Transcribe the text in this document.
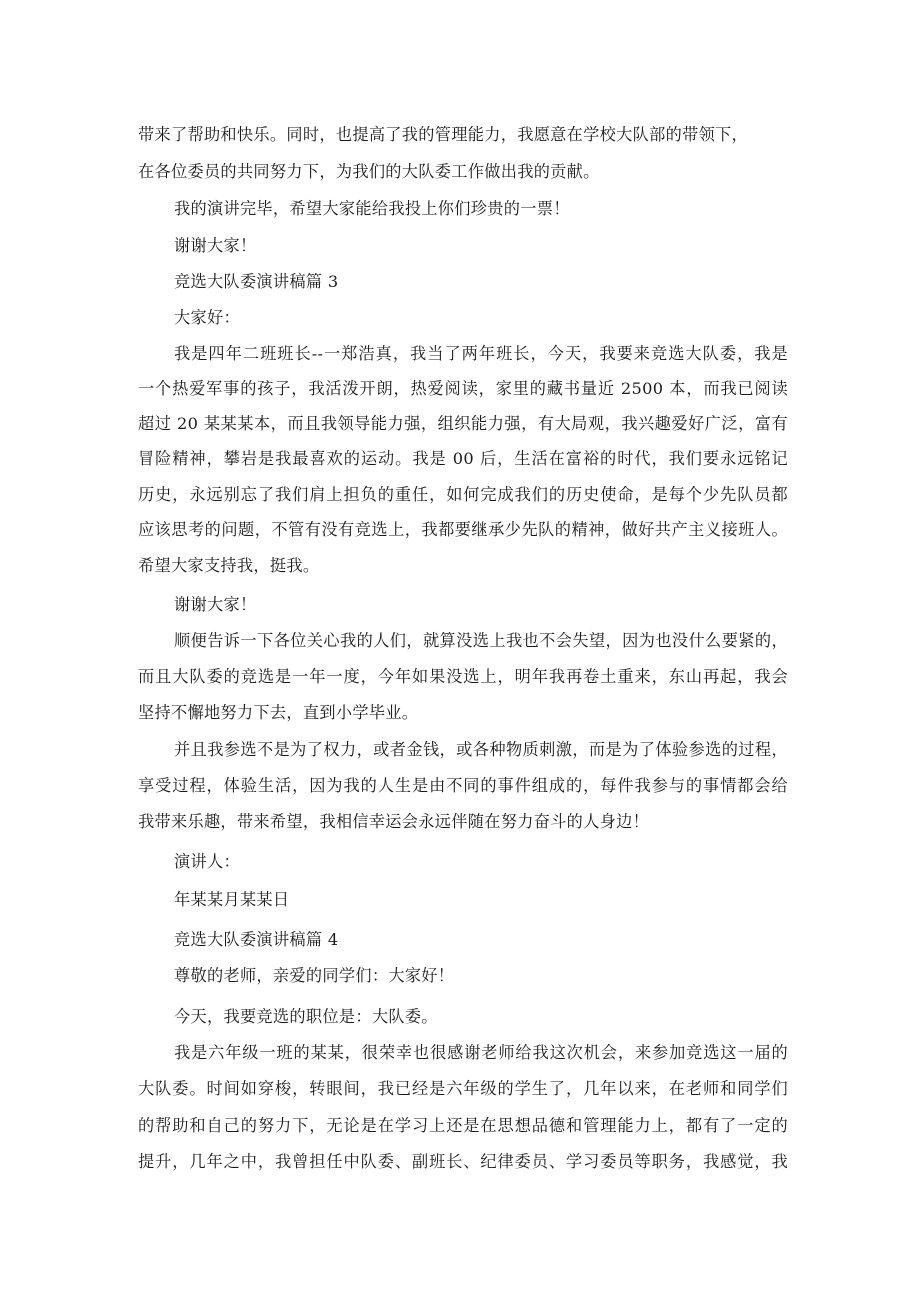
带来了帮助和快乐。同时，也提高了我的管理能力，我愿意在学校大队部的带领下，
在各位委员的共同努力下，为我们的大队委工作做出我的贡献。
我的演讲完毕，希望大家能给我投上你们珍贵的一票！
谢谢大家！
竞选大队委演讲稿篇 3
大家好：
我是四年二班班长--一郑浩真，我当了两年班长，今天，我要来竞选大队委，我是
一个热爱军事的孩子，我活泼开朗，热爱阅读，家里的藏书量近 2500 本，而我已阅读
超过 20 某某某本，而且我领导能力强，组织能力强，有大局观，我兴趣爱好广泛，富有
冒险精神，攀岩是我最喜欢的运动。我是 00 后，生活在富裕的时代，我们要永远铭记
历史，永远别忘了我们肩上担负的重任，如何完成我们的历史使命，是每个少先队员都
应该思考的问题，不管有没有竞选上，我都要继承少先队的精神，做好共产主义接班人。
希望大家支持我，挺我。
谢谢大家！
顺便告诉一下各位关心我的人们，就算没选上我也不会失望，因为也没什么要紧的，
而且大队委的竞选是一年一度，今年如果没选上，明年我再卷土重来，东山再起，我会
坚持不懈地努力下去，直到小学毕业。
并且我参选不是为了权力，或者金钱，或各种物质刺激，而是为了体验参选的过程，
享受过程，体验生活，因为我的人生是由不同的事件组成的，每件我参与的事情都会给
我带来乐趣，带来希望，我相信幸运会永远伴随在努力奋斗的人身边！
演讲人：
年某某月某某日
竞选大队委演讲稿篇 4
尊敬的老师，亲爱的同学们：大家好！
今天，我要竞选的职位是：大队委。
我是六年级一班的某某，很荣幸也很感谢老师给我这次机会，来参加竞选这一届的
大队委。时间如穿梭，转眼间，我已经是六年级的学生了，几年以来，在老师和同学们
的帮助和自己的努力下，无论是在学习上还是在思想品德和管理能力上，都有了一定的
提升，几年之中，我曾担任中队委、副班长、纪律委员、学习委员等职务，我感觉，我
